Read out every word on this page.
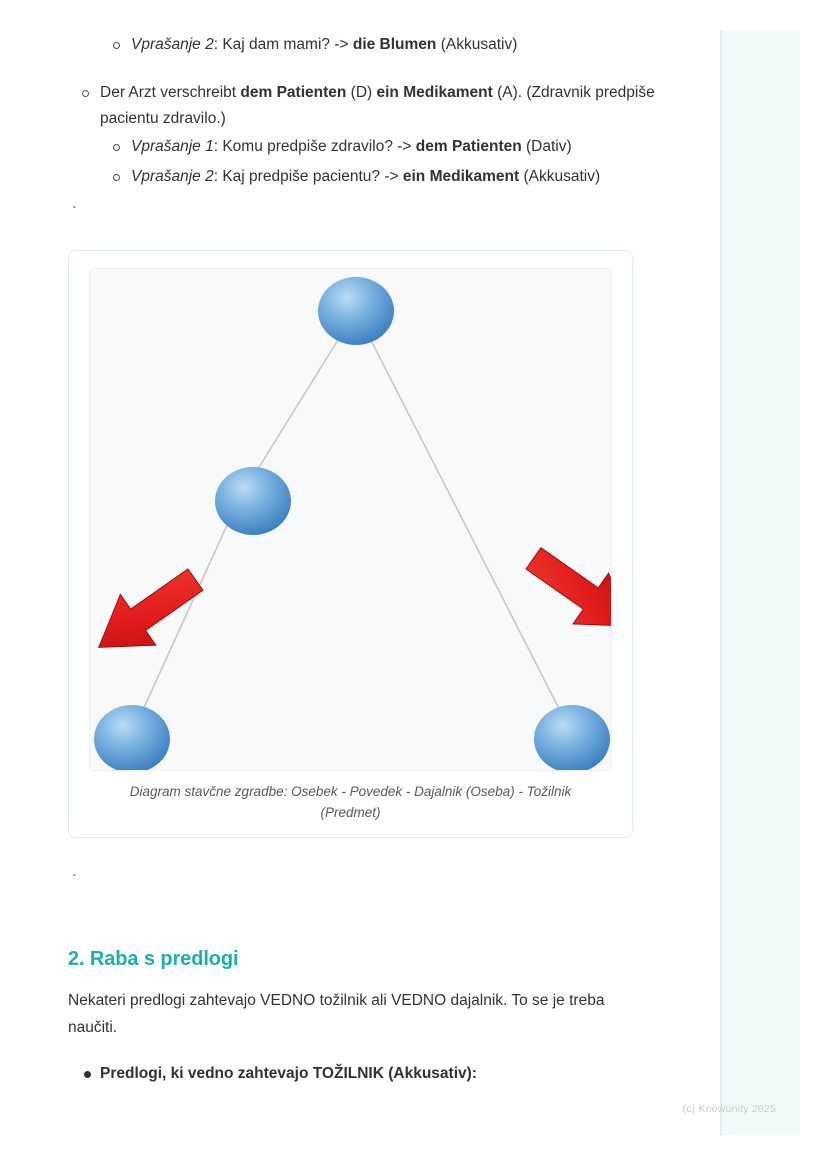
Vprašanje 2: Kaj dam mami? -> die Blumen (Akkusativ)
Der Arzt verschreibt dem Patienten (D) ein Medikament (A). (Zdravnik predpiše pacientu zdravilo.)
Vprašanje 1: Komu predpiše zdravilo? -> dem Patienten (Dativ)
Vprašanje 2: Kaj predpiše pacientu? -> ein Medikament (Akkusativ)
`
Diagram stavčne zgradbe: Osebek - Povedek - Dajalnik (Oseba) - Tožilnik (Predmet)
`
2. Raba s predlogi

Nekateri predlogi zahtevajo VEDNO tožilnik ali VEDNO dajalnik. To se je treba naučiti.

Predlogi, ki vedno zahtevajo TOŽILNIK (Akkusativ):
(c) Knowunity 2025
